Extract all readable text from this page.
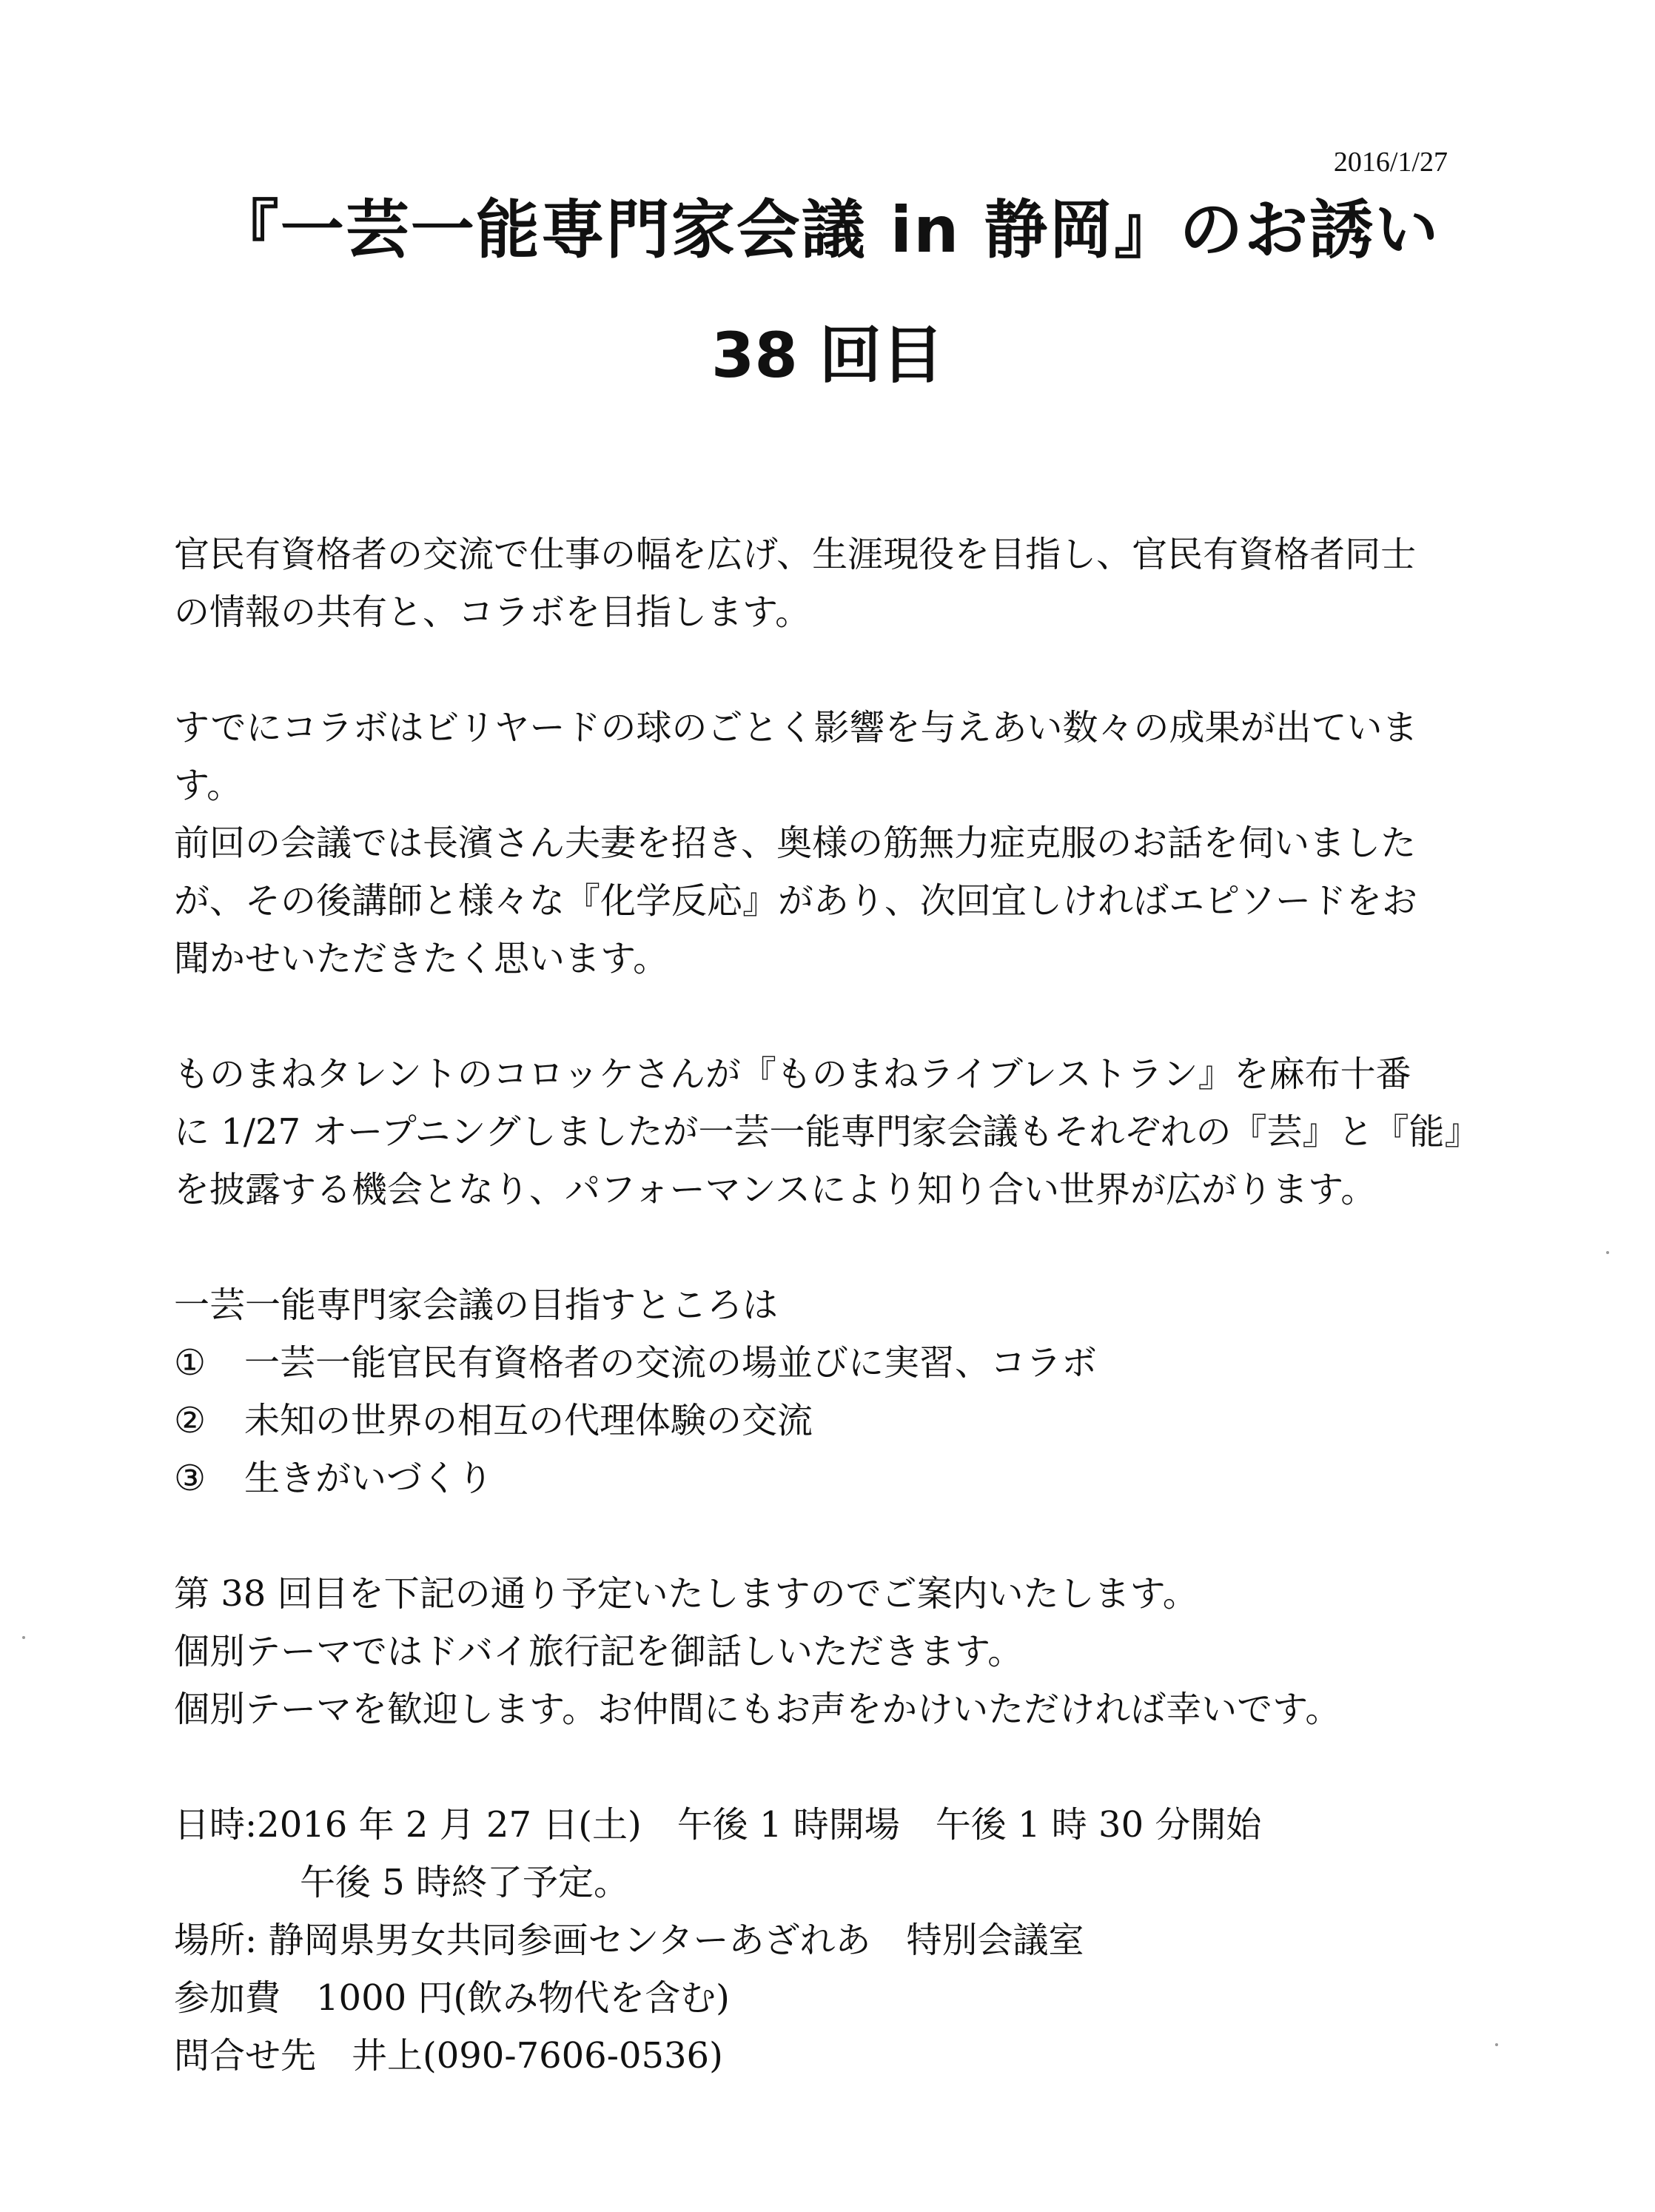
2016/1/27
『一芸一能専門家会議 in 静岡』のお誘い
38 回目
官民有資格者の交流で仕事の幅を広げ、生涯現役を目指し、官民有資格者同士
の情報の共有と、コラボを目指します。
すでにコラボはビリヤードの球のごとく影響を与えあい数々の成果が出ていま
す。
前回の会議では長濱さん夫妻を招き、奥様の筋無力症克服のお話を伺いました
が、その後講師と様々な『化学反応』があり、次回宜しければエピソードをお
聞かせいただきたく思います。
ものまねタレントのコロッケさんが『ものまねライブレストラン』を麻布十番
に 1/27 オープニングしましたが一芸一能専門家会議もそれぞれの『芸』と『能』
を披露する機会となり、パフォーマンスにより知り合い世界が広がります。
一芸一能専門家会議の目指すところは
① 一芸一能官民有資格者の交流の場並びに実習、コラボ
② 未知の世界の相互の代理体験の交流
③ 生きがいづくり
第 38 回目を下記の通り予定いたしますのでご案内いたします。
個別テーマではドバイ旅行記を御話しいただきます。
個別テーマを歓迎します。お仲間にもお声をかけいただければ幸いです。
日時:2016 年 2 月 27 日(土)　午後 1 時開場　午後 1 時 30 分開始
午後 5 時終了予定。
場所: 静岡県男女共同参画センターあざれあ　特別会議室
参加費　1000 円(飲み物代を含む)
問合せ先　井上(090-7606-0536)
